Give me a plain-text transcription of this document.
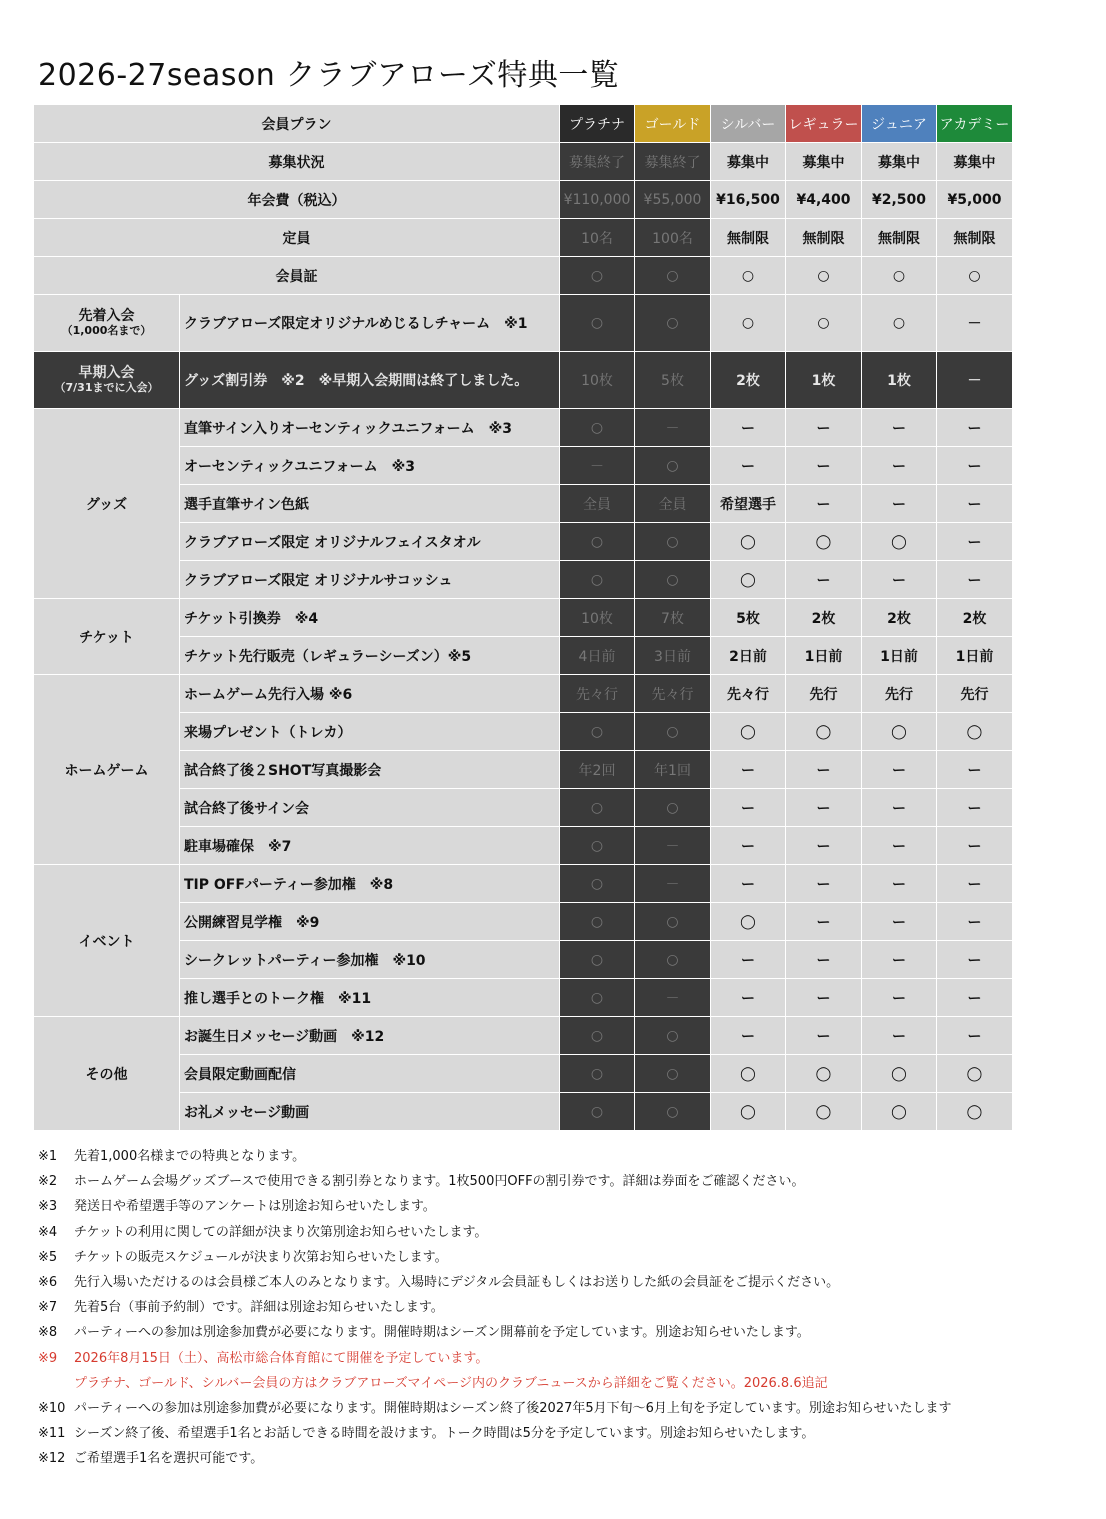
2026-27season クラブアローズ特典一覧
会員プラン		プラチナ	ゴールド	シルバー	レギュラー	ジュニア	アカデミー
募集状況		募集終了	募集終了	募集中	募集中	募集中	募集中
年会費（税込）		¥110,000	¥55,000	¥16,500	¥4,400	¥2,500	¥5,000
定員		10名	100名	無制限	無制限	無制限	無制限
会員証		○	○	○	○	○	○

先着入会
（1,000名まで）	クラブアローズ限定オリジナルめじるしチャーム　※1	○	○	○	○	○	－

早期入会
（7/31までに入会）	グッズ割引券　※2　※早期入会期間は終了しました。	10枚	5枚	2枚	1枚	1枚	－
グッズ	直筆サイン入りオーセンティックユニフォーム　※3	○	－	ー	ー	ー	ー
	オーセンティックユニフォーム　※3	－	○	ー	ー	ー	ー
	選手直筆サイン色紙	全員	全員	希望選手	ー	ー	ー
	クラブアローズ限定 オリジナルフェイスタオル	○	○	◯	◯	◯	ー
	クラブアローズ限定 オリジナルサコッシュ	○	○	◯	ー	ー	ー
チケット	チケット引換券　※4	10枚	7枚	5枚	2枚	2枚	2枚
	チケット先行販売（レギュラーシーズン）※5	4日前	3日前	2日前	1日前	1日前	1日前
ホームゲーム	ホームゲーム先行入場 ※6	先々行	先々行	先々行	先行	先行	先行
	来場プレゼント（トレカ）	○	○	◯	◯	◯	◯
	試合終了後２SHOT写真撮影会	年2回	年1回	ー	ー	ー	ー
	試合終了後サイン会	○	○	ー	ー	ー	ー
	駐車場確保　※7	○	－	ー	ー	ー	ー
イベント	TIP OFFパーティー参加権　※8	○	－	ー	ー	ー	ー
	公開練習見学権　※9	○	○	◯	ー	ー	ー
	シークレットパーティー参加権　※10	○	○	ー	ー	ー	ー
	推し選手とのトーク権　※11	○	－	ー	ー	ー	ー
その他	お誕生日メッセージ動画　※12	○	○	ー	ー	ー	ー
	会員限定動画配信	○	○	◯	◯	◯	◯
	お礼メッセージ動画	○	○	◯	◯	◯	◯
※1	先着1,000名様までの特典となります。
※2	ホームゲーム会場グッズブースで使用できる割引券となります。1枚500円OFFの割引券です。詳細は券面をご確認ください。
※3	発送日や希望選手等のアンケートは別途お知らせいたします。
※4	チケットの利用に関しての詳細が決まり次第別途お知らせいたします。
※5	チケットの販売スケジュールが決まり次第お知らせいたします。
※6	先行入場いただけるのは会員様ご本人のみとなります。入場時にデジタル会員証もしくはお送りした紙の会員証をご提示ください。
※7	先着5台（事前予約制）です。詳細は別途お知らせいたします。
※8	パーティーへの参加は別途参加費が必要になります。開催時期はシーズン開幕前を予定しています。別途お知らせいたします。
※9	2026年8月15日（土）、高松市総合体育館にて開催を予定しています。
プラチナ、ゴールド、シルバー会員の方はクラブアローズマイページ内のクラブニュースから詳細をご覧ください。2026.8.6追記
※10 パーティーへの参加は別途参加費が必要になります。開催時期はシーズン終了後2027年5月下旬～6月上旬を予定しています。別途お知らせいたします
※11 シーズン終了後、希望選手1名とお話しできる時間を設けます。トーク時間は5分を予定しています。別途お知らせいたします。
※12 ご希望選手1名を選択可能です。
